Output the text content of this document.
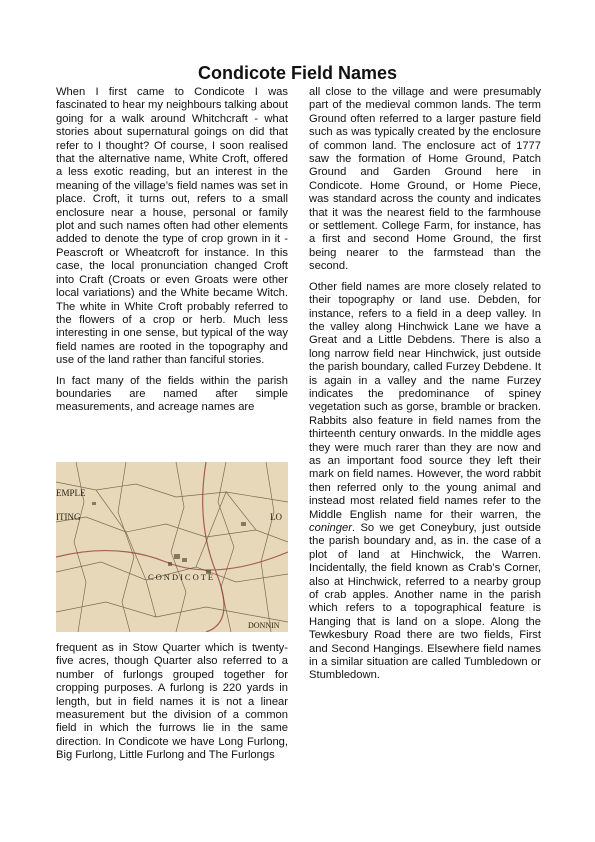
Condicote Field Names

When I first came to Condicote I was fascinated to hear my neighbours talking about going for a walk around Whitchcraft - what stories about supernatural goings on did that refer to I thought? Of course, I soon realised that the alternative name, White Croft, offered a less exotic reading, but an interest in the meaning of the village’s field names was set in place. Croft, it turns out, refers to a small enclosure near a house, personal or family plot and such names often had other elements added to denote the type of crop grown in it - Peascroft or Wheatcroft for instance. In this case, the local pronunciation changed Croft into Craft (Croats or even Groats were other local variations) and the White became Witch. The white in White Croft probably referred to the flowers of a crop or herb. Much less interesting in one sense, but typical of the way field names are rooted in the topography and use of the land rather than fanciful stories.

In fact many of the fields within the parish boundaries are named after simple measurements, and acreage names are

EMPLE
ITING	LO
CONDICOTE
DONNIN

frequent as in Stow Quarter which is twenty-five acres, though Quarter also referred to a number of furlongs grouped together for cropping purposes. A furlong is 220 yards in length, but in field names it is not a linear measurement but the division of a common field in which the furrows lie in the same direction. In Condicote we have Long Furlong, Big Furlong, Little Furlong and The Furlongs

all close to the village and were presumably part of the medieval common lands. The term Ground often referred to a larger pasture field such as was typically created by the enclosure of common land. The enclosure act of 1777 saw the formation of Home Ground, Patch Ground and Garden Ground here in Condicote. Home Ground, or Home Piece, was standard across the county and indicates that it was the nearest field to the farmhouse or settlement. College Farm, for instance, has a first and second Home Ground, the first being nearer to the farmstead than the second.

Other field names are more closely related to their topography or land use. Debden, for instance, refers to a field in a deep valley. In the valley along Hinchwick Lane we have a Great and a Little Debdens. There is also a long narrow field near Hinchwick, just outside the parish boundary, called Furzey Debdene. It is again in a valley and the name Furzey indicates the predominance of spiney vegetation such as gorse, bramble or bracken. Rabbits also feature in field names from the thirteenth century onwards. In the middle ages they were much rarer than they are now and as an important food source they left their mark on field names. However, the word rabbit then referred only to the young animal and instead most related field names refer to the Middle English name for their warren, the coninger. So we get Coneybury, just outside the parish boundary and, as in. the case of a plot of land at Hinchwick, the Warren. Incidentally, the field known as Crab’s Corner, also at Hinchwick, referred to a nearby group of crab apples. Another name in the parish which refers to a topographical feature is Hanging that is land on a slope. Along the Tewkesbury Road there are two fields, First and Second Hangings. Elsewhere field names in a similar situation are called Tumbledown or Stumbledown.
